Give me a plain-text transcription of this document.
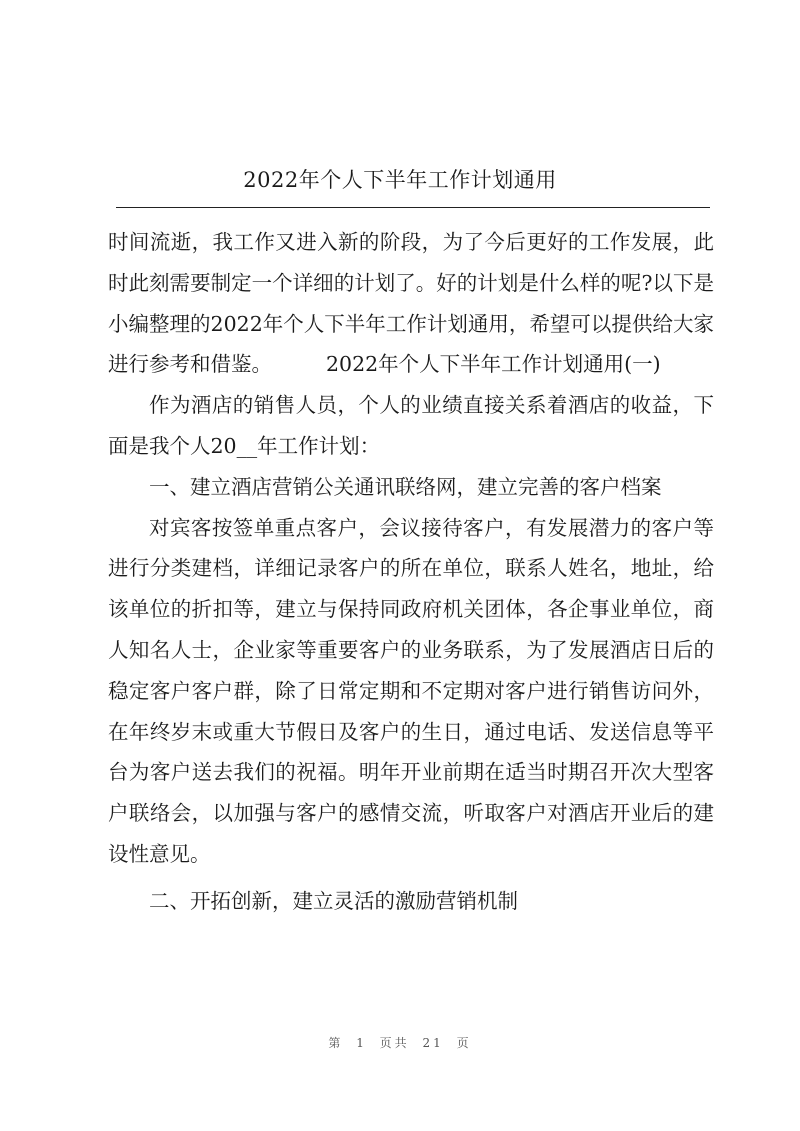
2022年个人下半年工作计划通用

时间流逝，我工作又进入新的阶段，为了今后更好的工作发展，此时此刻需要制定一个详细的计划了。好的计划是什么样的呢?以下是小编整理的2022年个人下半年工作计划通用，希望可以提供给大家进行参考和借鉴。	2022年个人下半年工作计划通用(一)

作为酒店的销售人员，个人的业绩直接关系着酒店的收益，下面是我个人20__年工作计划：

一、建立酒店营销公关通讯联络网，建立完善的客户档案

对宾客按签单重点客户，会议接待客户，有发展潜力的客户等进行分类建档，详细记录客户的所在单位，联系人姓名，地址，给该单位的折扣等，建立与保持同政府机关团体，各企事业单位，商人知名人士，企业家等重要客户的业务联系，为了发展酒店日后的稳定客户客户群，除了日常定期和不定期对客户进行销售访问外，在年终岁末或重大节假日及客户的生日，通过电话、发送信息等平台为客户送去我们的祝福。明年开业前期在适当时期召开次大型客户联络会，以加强与客户的感情交流，听取客户对酒店开业后的建设性意见。

二、开拓创新，建立灵活的激励营销机制

第 1 页共 21 页
